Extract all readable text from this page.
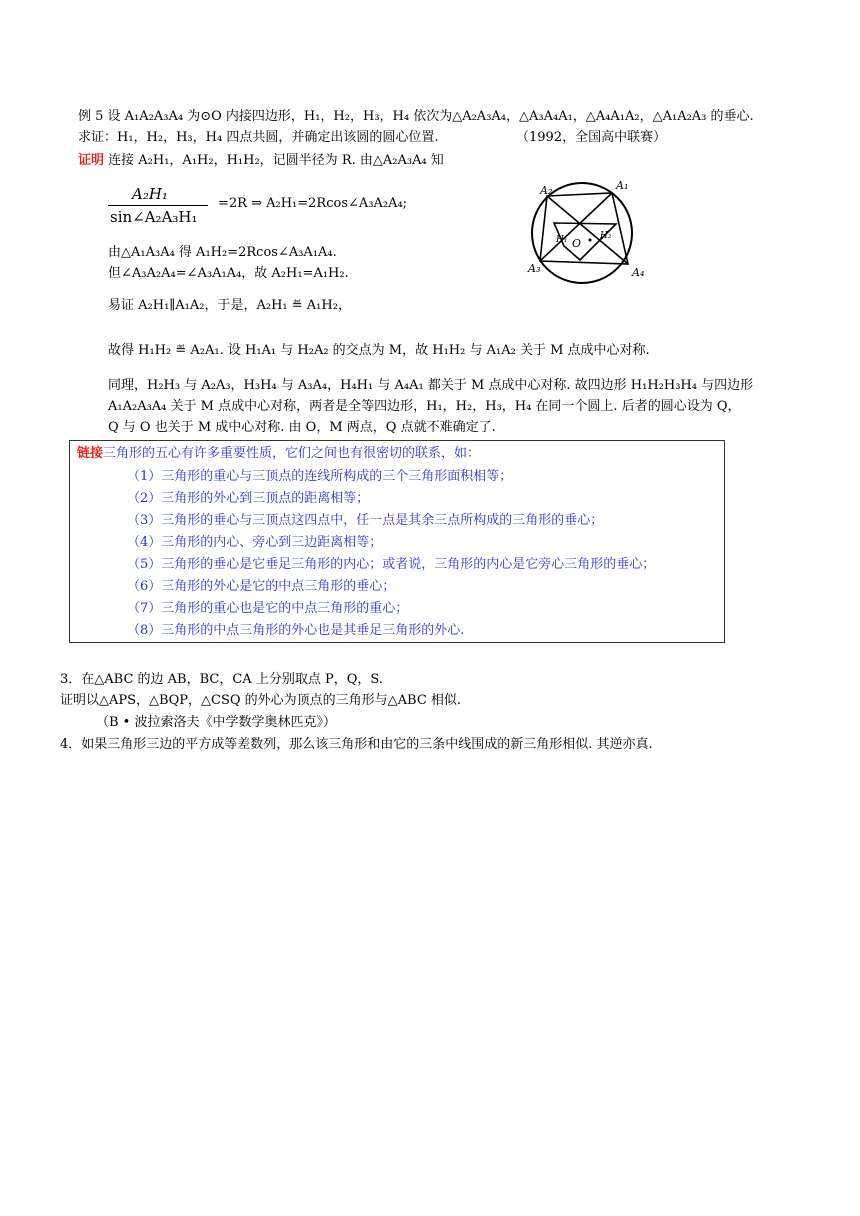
例 5 设 A₁A₂A₃A₄ 为⊙O 内接四边形，H₁，H₂，H₃，H₄ 依次为△A₂A₃A₄，△A₃A₄A₁，△A₄A₁A₂，△A₁A₂A₃ 的垂心.
求证：H₁，H₂，H₃，H₄ 四点共圆，并确定出该圆的圆心位置.	（1992，全国高中联赛）
证明 连接 A₂H₁，A₁H₂，H₁H₂，记圆半径为 R. 由△A₂A₃A₄ 知
A₂H₁
sin∠A₂A₃H₁
=2R ⇒ A₂H₁=2Rcos∠A₃A₂A₄;
由△A₁A₃A₄ 得 A₁H₂=2Rcos∠A₃A₁A₄.
但∠A₃A₂A₄=∠A₃A₁A₄，故 A₂H₁=A₁H₂.
易证 A₂H₁∥A₁A₂，于是，A₂H₁ ≝ A₁H₂，
故得 H₁H₂ ≝ A₂A₁. 设 H₁A₁ 与 H₂A₂ 的交点为 M，故 H₁H₂ 与 A₁A₂ 关于 M 点成中心对称.
同理，H₂H₃ 与 A₂A₃，H₃H₄ 与 A₃A₄，H₄H₁ 与 A₄A₁ 都关于 M 点成中心对称. 故四边形 H₁H₂H₃H₄ 与四边形
A₁A₂A₃A₄ 关于 M 点成中心对称，两者是全等四边形，H₁，H₂，H₃，H₄ 在同一个圆上. 后者的圆心设为 Q，
Q 与 O 也关于 M 成中心对称. 由 O，M 两点，Q 点就不难确定了.
A₂	A₁
H₁	H₂
O
A₃	A₄
链接三角形的五心有许多重要性质，它们之间也有很密切的联系，如：
（1）三角形的重心与三顶点的连线所构成的三个三角形面积相等；
（2）三角形的外心到三顶点的距离相等；
（3）三角形的垂心与三顶点这四点中，任一点是其余三点所构成的三角形的垂心；
（4）三角形的内心、旁心到三边距离相等；
（5）三角形的垂心是它垂足三角形的内心；或者说，三角形的内心是它旁心三角形的垂心；
（6）三角形的外心是它的中点三角形的垂心；
（7）三角形的重心也是它的中点三角形的重心；
（8）三角形的中点三角形的外心也是其垂足三角形的外心.
3．在△ABC 的边 AB，BC，CA 上分别取点 P，Q，S.
证明以△APS，△BQP，△CSQ 的外心为顶点的三角形与△ABC 相似.
（B • 波拉索洛夫《中学数学奥林匹克》）
4．如果三角形三边的平方成等差数列，那么该三角形和由它的三条中线围成的新三角形相似. 其逆亦真.
